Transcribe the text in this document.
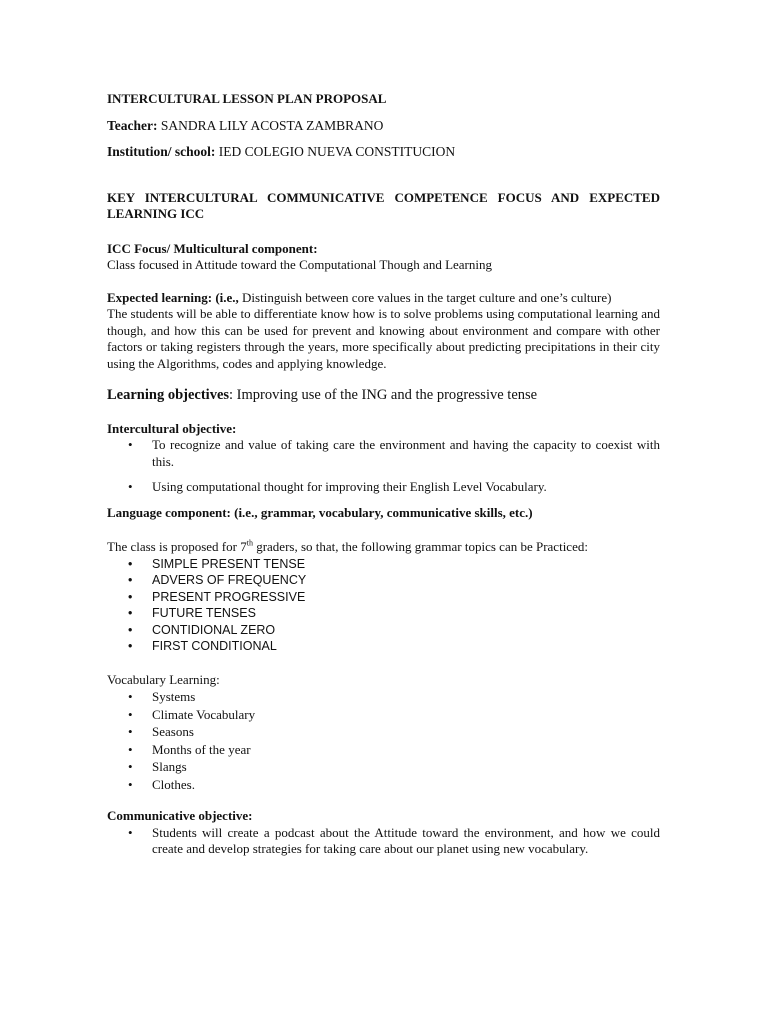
INTERCULTURAL LESSON PLAN PROPOSAL

Teacher: SANDRA LILY ACOSTA ZAMBRANO

Institution/ school: IED COLEGIO NUEVA CONSTITUCION

KEY INTERCULTURAL COMMUNICATIVE COMPETENCE FOCUS AND EXPECTED LEARNING ICC

ICC Focus/ Multicultural component:

Class focused in Attitude toward the Computational Though and Learning

Expected learning: (i.e., Distinguish between core values in the target culture and one’s culture)

The students will be able to differentiate know how is to solve problems using computational learning and though, and how this can be used for prevent and knowing about environment and compare with other factors or taking registers through the years, more specifically about predicting precipitations in their city using the Algorithms, codes and applying knowledge.

Learning objectives: Improving use of the ING and the progressive tense

Intercultural objective:

• To recognize and value of taking care the environment and having the capacity to coexist with this.
• Using computational thought for improving their English Level Vocabulary.

Language component: (i.e., grammar, vocabulary, communicative skills, etc.)

The class is proposed for 7th graders, so that, the following grammar topics can be Practiced:

• SIMPLE PRESENT TENSE
• ADVERS OF FREQUENCY
• PRESENT PROGRESSIVE
• FUTURE TENSES
• CONTIDIONAL ZERO
• FIRST CONDITIONAL

Vocabulary Learning:

• Systems
• Climate Vocabulary
• Seasons
• Months of the year
• Slangs
• Clothes.

Communicative objective:

• Students will create a podcast about the Attitude toward the environment, and how we could create and develop strategies for taking care about our planet using new vocabulary.
